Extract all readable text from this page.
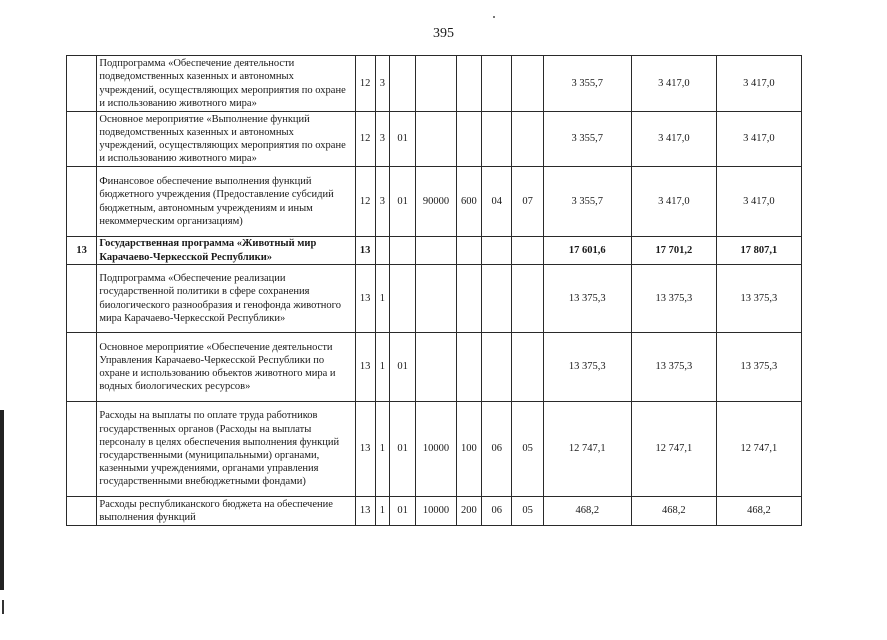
395
	Подпрограмма «Обеспечение деятельности подведомственных казенных и автономных учреждений, осуществляющих мероприятия по охране и использованию животного мира»	12	3						3 355,7	3 417,0	3 417,0
	Основное мероприятие «Выполнение функций подведомственных казенных и автономных учреждений, осуществляющих мероприятия по охране и использованию животного мира»	12	3	01					3 355,7	3 417,0	3 417,0
	Финансовое обеспечение выполнения функций бюджетного учреждения (Предоставление субсидий бюджетным, автономным учреждениям и иным некоммерческим организациям)	12	3	01	90000	600	04	07	3 355,7	3 417,0	3 417,0
13	Государственная программа «Животный мир Карачаево-Черкесской Республики»	13							17 601,6	17 701,2	17 807,1
	Подпрограмма «Обеспечение реализации государственной политики в сфере сохранения биологического разнообразия и генофонда животного мира Карачаево-Черкесской Республики»	13	1						13 375,3	13 375,3	13 375,3
	Основное мероприятие «Обеспечение деятельности Управления Карачаево-Черкесской Республики по охране и использованию объектов животного мира и водных биологических ресурсов»	13	1	01					13 375,3	13 375,3	13 375,3
	Расходы на выплаты по оплате труда работников государственных органов (Расходы на выплаты персоналу в целях обеспечения выполнения функций государственными (муниципальными) органами, казенными учреждениями, органами управления государственными внебюджетными фондами)	13	1	01	10000	100	06	05	12 747,1	12 747,1	12 747,1
	Расходы республиканского бюджета на обеспечение выполнения функций	13	1	01	10000	200	06	05	468,2	468,2	468,2
